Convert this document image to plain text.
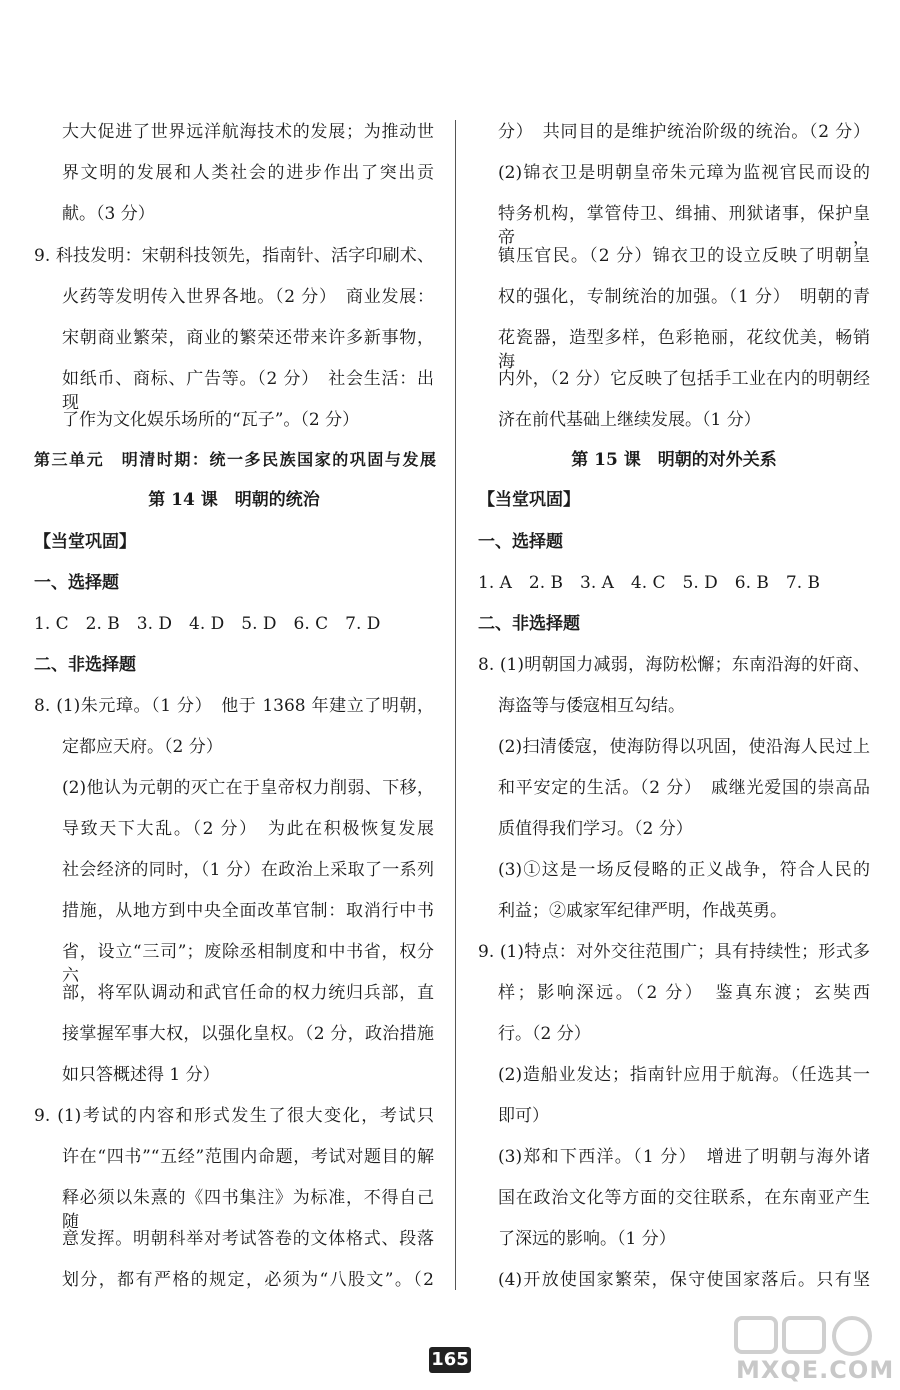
大大促进了世界远洋航海技术的发展；为推动世
界文明的发展和人类社会的进步作出了突出贡
献。（3 分）
9. 科技发明：宋朝科技领先，指南针、活字印刷术、
火药等发明传入世界各地。（2 分）　商业发展：
宋朝商业繁荣，商业的繁荣还带来许多新事物，
如纸币、商标、广告等。（2 分）　社会生活：出现
了作为文化娱乐场所的“瓦子”。（2 分）
第三单元　明清时期：统一多民族国家的巩固与发展
第 14 课　明朝的统治
【当堂巩固】
一、选择题
1. C　2. B　3. D　4. D　5. D　6. C　7. D
二、非选择题
8. (1)朱元璋。（1 分）　他于 1368 年建立了明朝，
定都应天府。（2 分）
(2)他认为元朝的灭亡在于皇帝权力削弱、下移，
导致天下大乱。（2 分）　为此在积极恢复发展
社会经济的同时，（1 分）在政治上采取了一系列
措施，从地方到中央全面改革官制：取消行中书
省，设立“三司”；废除丞相制度和中书省，权分六
部，将军队调动和武官任命的权力统归兵部，直
接掌握军事大权，以强化皇权。（2 分，政治措施
如只答概述得 1 分）
9. (1)考试的内容和形式发生了很大变化，考试只
许在“四书”“五经”范围内命题，考试对题目的解
释必须以朱熹的《四书集注》为标准，不得自己随
意发挥。明朝科举对考试答卷的文体格式、段落
划分，都有严格的规定，必须为“八股文”。（2
分）　共同目的是维护统治阶级的统治。（2 分）
(2)锦衣卫是明朝皇帝朱元璋为监视官民而设的
特务机构，掌管侍卫、缉捕、刑狱诸事，保护皇帝，
镇压官民。（2 分）锦衣卫的设立反映了明朝皇
权的强化，专制统治的加强。（1 分）　明朝的青
花瓷器，造型多样，色彩艳丽，花纹优美，畅销海
内外，（2 分）它反映了包括手工业在内的明朝经
济在前代基础上继续发展。（1 分）
第 15 课　明朝的对外关系
【当堂巩固】
一、选择题
1. A　2. B　3. A　4. C　5. D　6. B　7. B
二、非选择题
8. (1)明朝国力减弱，海防松懈；东南沿海的奸商、
海盗等与倭寇相互勾结。
(2)扫清倭寇，使海防得以巩固，使沿海人民过上
和平安定的生活。（2 分）　戚继光爱国的崇高品
质值得我们学习。（2 分）
(3)①这是一场反侵略的正义战争，符合人民的
利益；②戚家军纪律严明，作战英勇。
9. (1)特点：对外交往范围广；具有持续性；形式多
样；影响深远。（2 分）　鉴真东渡；玄奘西
行。（2 分）
(2)造船业发达；指南针应用于航海。（任选其一
即可）
(3)郑和下西洋。（1 分）　增进了明朝与海外诸
国在政治文化等方面的交往联系，在东南亚产生
了深远的影响。（1 分）
(4)开放使国家繁荣，保守使国家落后。只有坚
165	MXQE.COM
